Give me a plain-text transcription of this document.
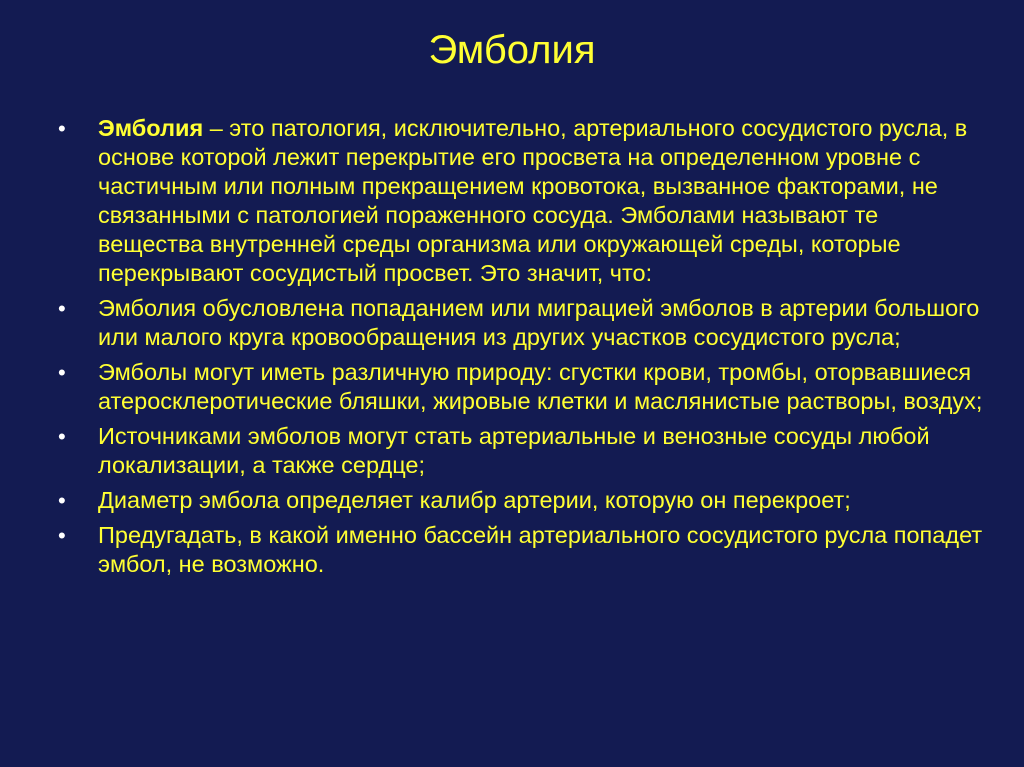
Эмболия
• Эмболия – это патология, исключительно, артериального сосудистого русла, в основе которой лежит перекрытие его просвета на определенном уровне с частичным или полным прекращением кровотока, вызванное факторами, не связанными с патологией пораженного сосуда. Эмболами называют те вещества внутренней среды организма или окружающей среды, которые перекрывают сосудистый просвет. Это значит, что:
• Эмболия обусловлена попаданием или миграцией эмболов в артерии большого или малого круга кровообращения из других участков сосудистого русла;
• Эмболы могут иметь различную природу: сгустки крови, тромбы, оторвавшиеся атеросклеротические бляшки, жировые клетки и маслянистые растворы, воздух;
• Источниками эмболов могут стать артериальные и венозные сосуды любой локализации, а также сердце;
• Диаметр эмбола определяет калибр артерии, которую он перекроет;
• Предугадать, в какой именно бассейн артериального сосудистого русла попадет эмбол, не возможно.
